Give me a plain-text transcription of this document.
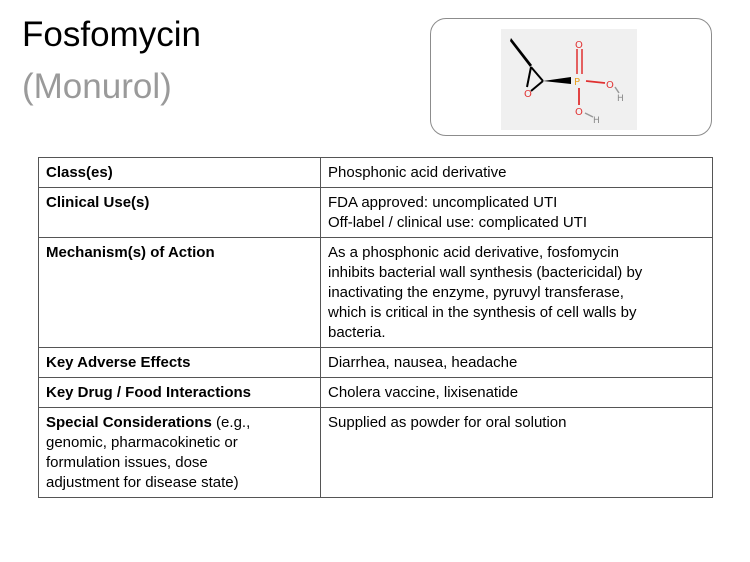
Fosfomycin
(Monurol)	O
P
O
O
H
O
H
Class(es)	Phosphonic acid derivative

Clinical Use(s)	FDA approved: uncomplicated UTI
Off-label / clinical use: complicated UTI

Mechanism(s) of Action	As a phosphonic acid derivative, fosfomycin
inhibits bacterial wall synthesis (bactericidal) by
inactivating the enzyme, pyruvyl transferase,
which is critical in the synthesis of cell walls by
bacteria.

Key Adverse Effects	Diarrhea, nausea, headache

Key Drug / Food Interactions	Cholera vaccine, lixisenatide

Special Considerations (e.g.,
genomic, pharmacokinetic or
formulation issues, dose
adjustment for disease state)	Supplied as powder for oral solution
